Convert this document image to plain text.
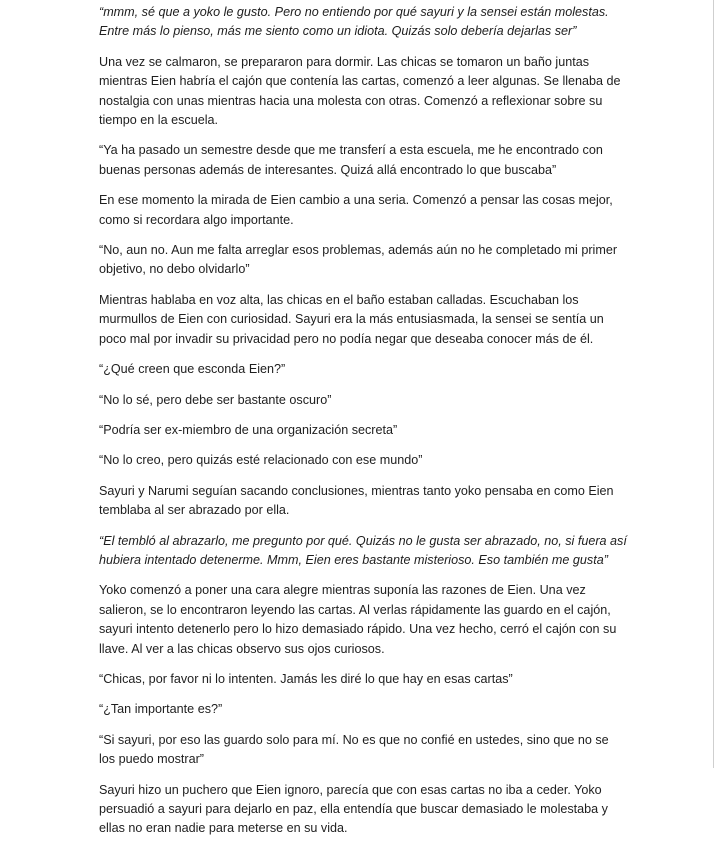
“mmm, sé que a yoko le gusto. Pero no entiendo por qué sayuri y la sensei están molestas. Entre más lo pienso, más me siento como un idiota. Quizás solo debería dejarlas ser”

Una vez se calmaron, se prepararon para dormir. Las chicas se tomaron un baño juntas mientras Eien habría el cajón que contenía las cartas, comenzó a leer algunas. Se llenaba de nostalgia con unas mientras hacia una molesta con otras. Comenzó a reflexionar sobre su tiempo en la escuela.

“Ya ha pasado un semestre desde que me transferí a esta escuela, me he encontrado con buenas personas además de interesantes. Quizá allá encontrado lo que buscaba”

En ese momento la mirada de Eien cambio a una seria. Comenzó a pensar las cosas mejor, como si recordara algo importante.

“No, aun no. Aun me falta arreglar esos problemas, además aún no he completado mi primer objetivo, no debo olvidarlo”

Mientras hablaba en voz alta, las chicas en el baño estaban calladas. Escuchaban los murmullos de Eien con curiosidad. Sayuri era la más entusiasmada, la sensei se sentía un poco mal por invadir su privacidad pero no podía negar que deseaba conocer más de él.

“¿Qué creen que esconda Eien?”

“No lo sé, pero debe ser bastante oscuro”

“Podría ser ex-miembro de una organización secreta”

“No lo creo, pero quizás esté relacionado con ese mundo”

Sayuri y Narumi seguían sacando conclusiones, mientras tanto yoko pensaba en como Eien temblaba al ser abrazado por ella.

“El tembló al abrazarlo, me pregunto por qué. Quizás no le gusta ser abrazado, no, si fuera así hubiera intentado detenerme. Mmm, Eien eres bastante misterioso. Eso también me gusta”

Yoko comenzó a poner una cara alegre mientras suponía las razones de Eien. Una vez salieron, se lo encontraron leyendo las cartas. Al verlas rápidamente las guardo en el cajón, sayuri intento detenerlo pero lo hizo demasiado rápido. Una vez hecho, cerró el cajón con su llave. Al ver a las chicas observo sus ojos curiosos.

“Chicas, por favor ni lo intenten. Jamás les diré lo que hay en esas cartas”

“¿Tan importante es?”

“Si sayuri, por eso las guardo solo para mí. No es que no confié en ustedes, sino que no se los puedo mostrar”

Sayuri hizo un puchero que Eien ignoro, parecía que con esas cartas no iba a ceder. Yoko persuadió a sayuri para dejarlo en paz, ella entendía que buscar demasiado le molestaba y ellas no eran nadie para meterse en su vida.
